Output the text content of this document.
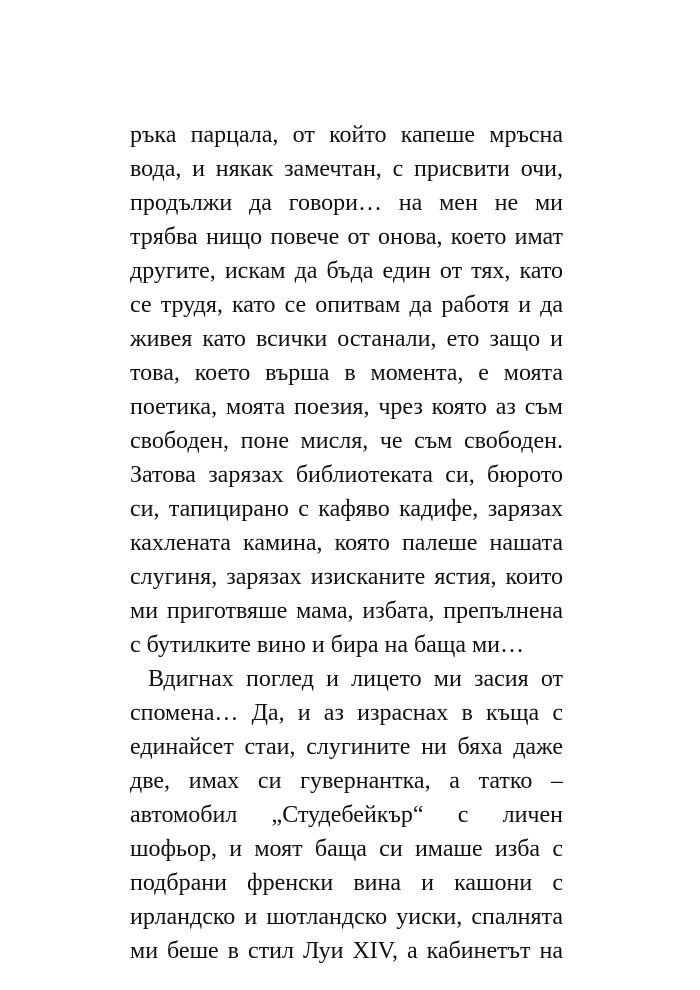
ръка парцала, от който капеше мръсна
вода, и някак замечтан, с присвити очи,
продължи да говори… на мен не ми
трябва нищо повече от онова, което имат
другите, искам да бъда един от тях, като
се трудя, като се опитвам да работя и да
живея като всички останали, ето защо и
това, което върша в момента, е моята
поетика, моята поезия, чрез която аз съм
свободен, поне мисля, че съм свободен.
Затова зарязах библиотеката си, бюрото
си, тапицирано с кафяво кадифе, зарязах
кахлената камина, която палеше нашата
слугиня, зарязах изисканите ястия, които
ми приготвяше мама, избата, препълнена
с бутилките вино и бира на баща ми…
Вдигнах поглед и лицето ми засия от
спомена… Да, и аз израснах в къща с
единайсет стаи, слугините ни бяха даже
две, имах си гувернантка, а татко –
автомобил „Студебейкър“ с личен
шофьор, и моят баща си имаше изба с
подбрани френски вина и кашони с
ирландско и шотландско уиски, спалнята
ми беше в стил Луи XIV, а кабинетът на
